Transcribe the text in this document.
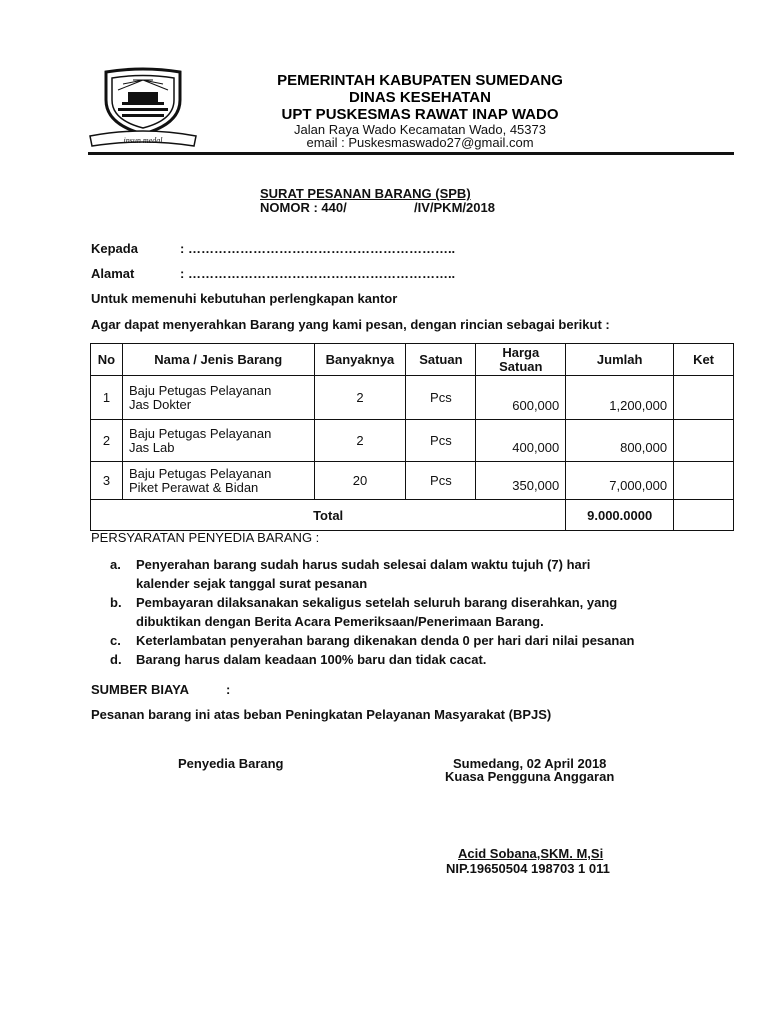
insun medal
PEMERINTAH KABUPATEN SUMEDANG
DINAS KESEHATAN
UPT PUSKESMAS RAWAT INAP WADO
Jalan Raya Wado Kecamatan Wado, 45373
email : Puskesmaswado27@gmail.com
SURAT PESANAN BARANG (SPB)
NOMOR : 440/	/IV/PKM/2018
Kepada	: ……………………………………………………..
Alamat	: ……………………………………………………..
Untuk memenuhi kebutuhan perlengkapan kantor
Agar dapat menyerahkan Barang yang kami pesan, dengan rincian sebagai berikut :
No	Nama / Jenis Barang	Banyaknya	Satuan	Harga Satuan	Jumlah	Ket
1	Baju Petugas Pelayanan
Jas Dokter	2	Pcs	600,000	1,200,000	
2	Baju Petugas Pelayanan
Jas Lab	2	Pcs	400,000	800,000	
3	Baju Petugas Pelayanan
Piket Perawat & Bidan	20	Pcs	350,000	7,000,000	
Total					9.000.0000	
PERSYARATAN PENYEDIA BARANG :
a.	Penyerahan barang sudah harus sudah selesai dalam waktu tujuh (7) hari
kalender sejak tanggal surat pesanan
b.	Pembayaran dilaksanakan sekaligus setelah seluruh barang diserahkan, yang
dibuktikan dengan Berita Acara Pemeriksaan/Penerimaan Barang.
c.	Keterlambatan penyerahan barang dikenakan denda 0 per hari dari nilai pesanan
d.	Barang harus dalam keadaan 100% baru dan tidak cacat.
SUMBER BIAYA	:
Pesanan barang ini atas beban Peningkatan Pelayanan Masyarakat (BPJS)
Penyedia Barang	Sumedang, 02 April 2018
Kuasa Pengguna Anggaran
Acid Sobana,SKM. M,Si
NIP.19650504 198703 1 011
